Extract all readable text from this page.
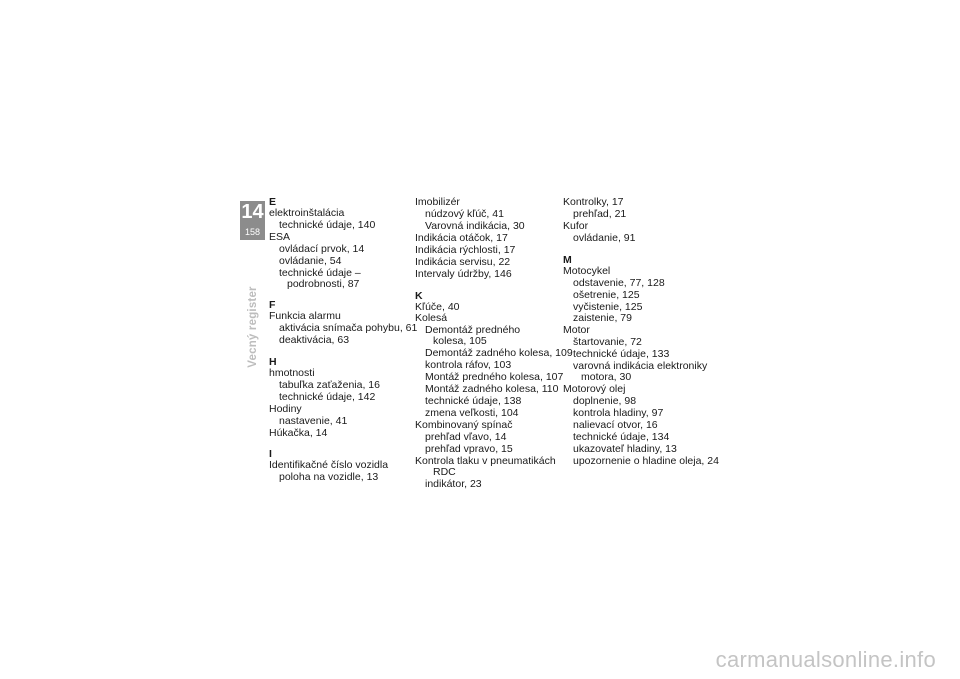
14
158
Vecný register
E
elektroinštalácia
technické údaje, 140
ESA
ovládací prvok, 14
ovládanie, 54
technické údaje –
podrobnosti, 87
F
Funkcia alarmu
aktivácia snímača pohybu, 61
deaktivácia, 63
H
hmotnosti
tabuľka zaťaženia, 16
technické údaje, 142
Hodiny
nastavenie, 41
Húkačka, 14
I
Identifikačné číslo vozidla
poloha na vozidle, 13
Imobilizér
núdzový kľúč, 41
Varovná indikácia, 30
Indikácia otáčok, 17
Indikácia rýchlosti, 17
Indikácia servisu, 22
Intervaly údržby, 146
K
Kľúče, 40
Kolesá
Demontáž predného
kolesa, 105
Demontáž zadného kolesa, 109
kontrola ráfov, 103
Montáž predného kolesa, 107
Montáž zadného kolesa, 110
technické údaje, 138
zmena veľkosti, 104
Kombinovaný spínač
prehľad vľavo, 14
prehľad vpravo, 15
Kontrola tlaku v pneumatikách
RDC
indikátor, 23
Kontrolky, 17
prehľad, 21
Kufor
ovládanie, 91
M
Motocykel
odstavenie, 77, 128
ošetrenie, 125
vyčistenie, 125
zaistenie, 79
Motor
štartovanie, 72
technické údaje, 133
varovná indikácia elektroniky
motora, 30
Motorový olej
doplnenie, 98
kontrola hladiny, 97
nalievací otvor, 16
technické údaje, 134
ukazovateľ hladiny, 13
upozornenie o hladine oleja, 24
carmanualsonline.info
